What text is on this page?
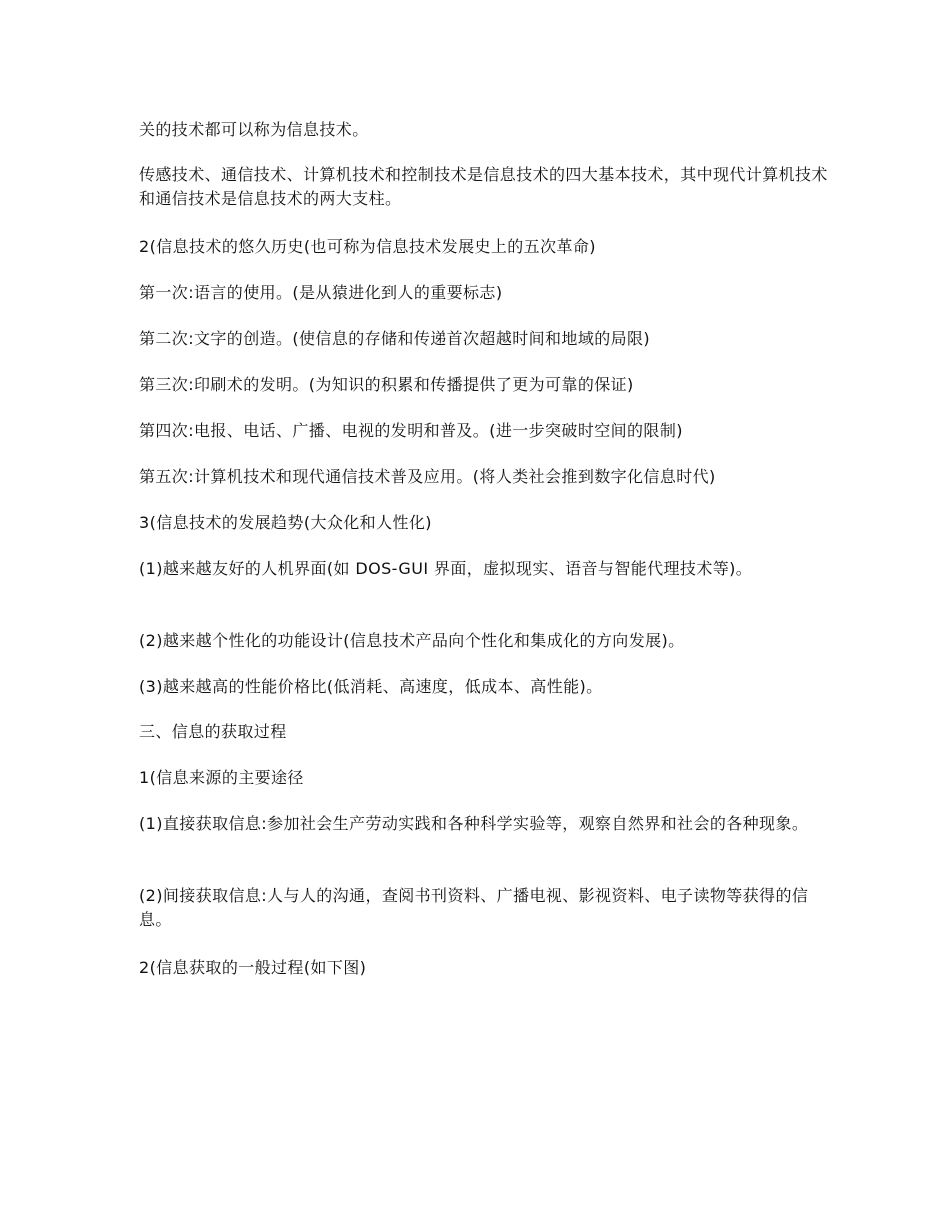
关的技术都可以称为信息技术。

传感技术、通信技术、计算机技术和控制技术是信息技术的四大基本技术，其中现代计算机技术和通信技术是信息技术的两大支柱。

2(信息技术的悠久历史(也可称为信息技术发展史上的五次革命)

第一次:语言的使用。(是从猿进化到人的重要标志)

第二次:文字的创造。(使信息的存储和传递首次超越时间和地域的局限)

第三次:印刷术的发明。(为知识的积累和传播提供了更为可靠的保证)

第四次:电报、电话、广播、电视的发明和普及。(进一步突破时空间的限制)

第五次:计算机技术和现代通信技术普及应用。(将人类社会推到数字化信息时代)

3(信息技术的发展趋势(大众化和人性化)

(1)越来越友好的人机界面(如 DOS-GUI 界面，虚拟现实、语音与智能代理技术等)。

(2)越来越个性化的功能设计(信息技术产品向个性化和集成化的方向发展)。

(3)越来越高的性能价格比(低消耗、高速度，低成本、高性能)。

三、信息的获取过程

1(信息来源的主要途径

(1)直接获取信息:参加社会生产劳动实践和各种科学实验等，观察自然界和社会的各种现象。

(2)间接获取信息:人与人的沟通，查阅书刊资料、广播电视、影视资料、电子读物等获得的信息。

2(信息获取的一般过程(如下图)
